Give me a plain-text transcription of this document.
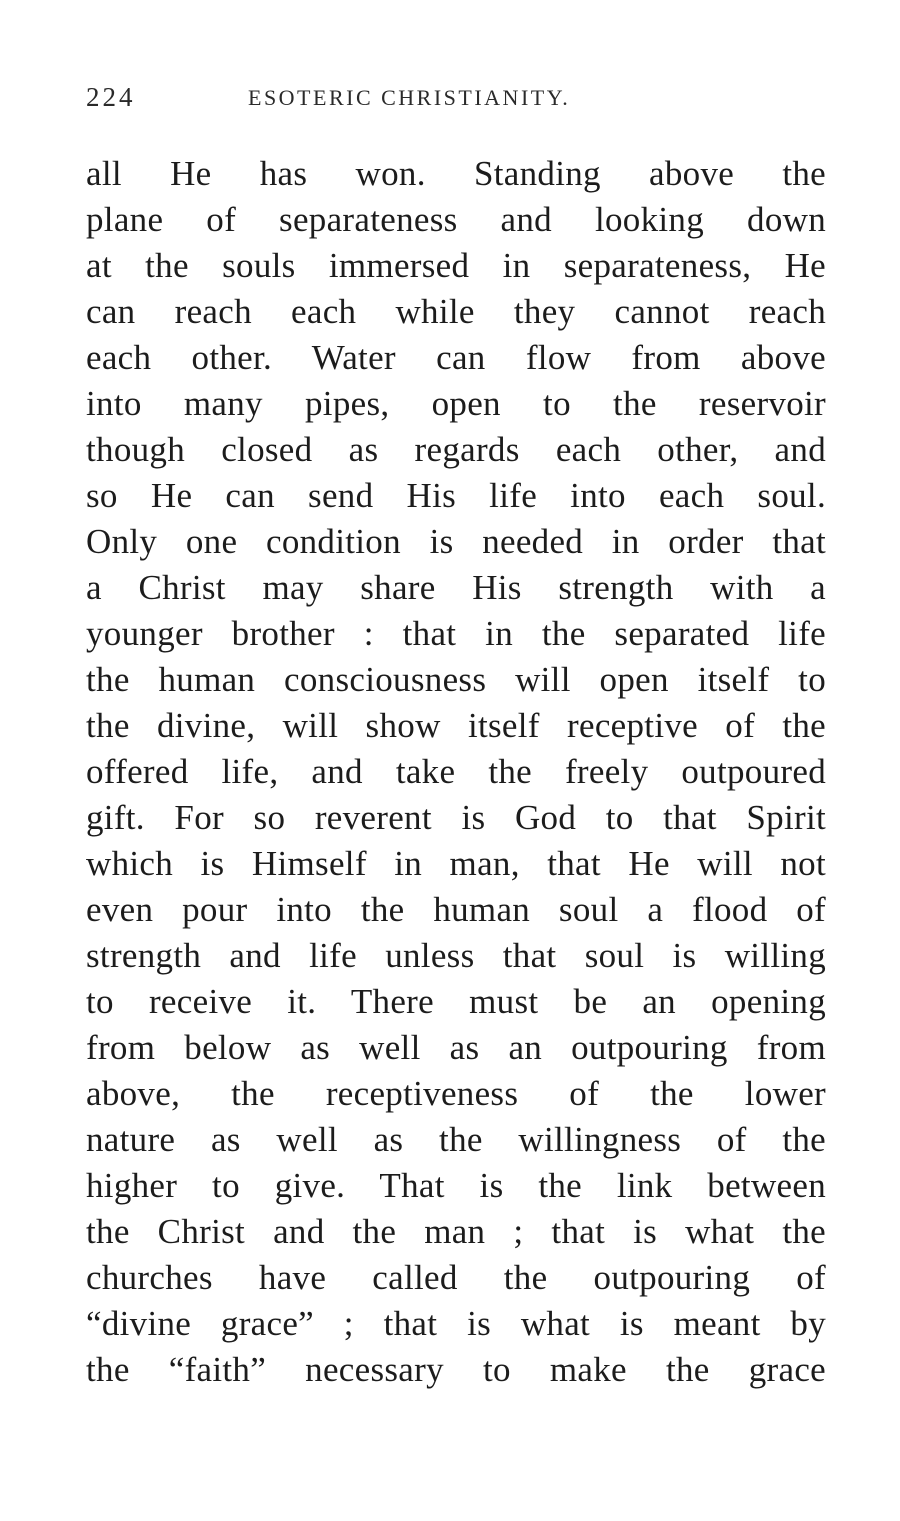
224	ESOTERIC CHRISTIANITY.
all He has won. Standing above the
plane of separateness and looking down
at the souls immersed in separateness, He
can reach each while they cannot reach
each other. Water can flow from above
into many pipes, open to the reservoir
though closed as regards each other, and
so He can send His life into each soul.
Only one condition is needed in order that
a Christ may share His strength with a
younger brother : that in the separated life
the human consciousness will open itself to
the divine, will show itself receptive of the
offered life, and take the freely outpoured
gift. For so reverent is God to that Spirit
which is Himself in man, that He will not
even pour into the human soul a flood of
strength and life unless that soul is willing
to receive it. There must be an opening
from below as well as an outpouring from
above, the receptiveness of the lower
nature as well as the willingness of the
higher to give. That is the link between
the Christ and the man ; that is what the
churches have called the outpouring of
“divine grace” ; that is what is meant by
the “faith” necessary to make the grace
